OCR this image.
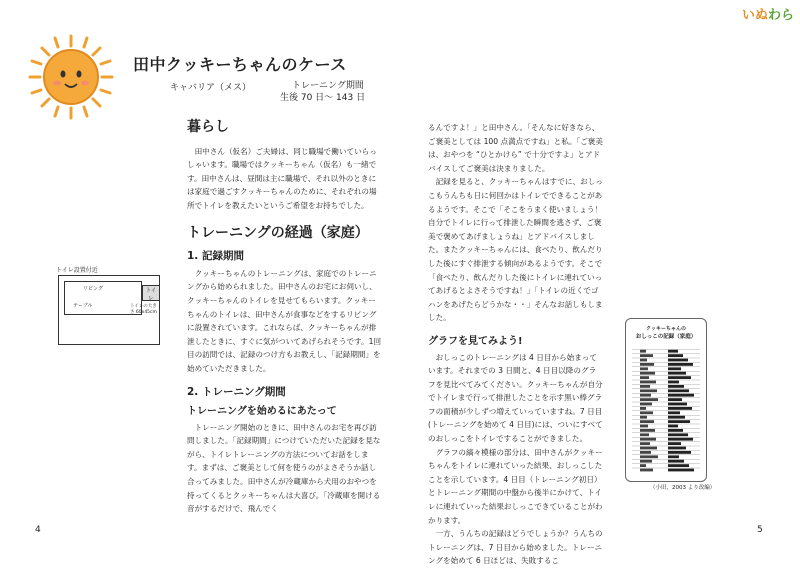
いぬわら
田中クッキーちゃんのケース
キャバリア（メス）	トレーニング期間
生後 70 日～ 143 日
トイレ設置付近
リビング
テーブル
トイレ
トイレの大きさ 60x45cm
暮らし

田中さん（仮名）ご夫婦は、同じ職場で働いていらっしゃいます。職場ではクッキーちゃん（仮名）も一緒です。田中さんは、昼間は主に職場で、それ以外のときには家庭で過ごすクッキーちゃんのために、それぞれの場所でトイレを教えたいというご希望をお持ちでした。

トレーニングの経過（家庭）
1. 記録期間

クッキーちゃんのトレーニングは、家庭でのトレーニングから始められました。田中さんのお宅にお伺いし、クッキーちゃんのトイレを見せてもらいます。クッキーちゃんのトイレは、田中さんが食事などをするリビングに設置されています。これならば、クッキーちゃんが排泄したときに、すぐに気がついてあげられそうです。1回目の訪問では、記録のつけ方もお教えし、「記録期間」を始めていただきました。

2. トレーニング期間
トレーニングを始めるにあたって

トレーニング開始のときに、田中さんのお宅を再び訪問しました。「記録期間」につけていただいた記録を見ながら、トイレトレーニングの方法についてお話をします。まずは、ご褒美として何を使うのがよさそうか話し合ってみました。田中さんが冷蔵庫から犬用のおやつを持ってくるとクッキーちゃんは大喜び。「冷蔵庫を開ける音がするだけで、飛んでく

るんですよ！」と田中さん。「そんなに好きなら、ご褒美としては 100 点満点ですね」と私。「ご褒美は、おやつを “ひとかけら” で十分ですよ」とアドバイスしてご褒美は決まりました。

記録を見ると、クッキーちゃんはすでに、おしっこもうんちも日に何回かはトイレでできることがあるようです。そこで「そこをうまく使いましょう！自分でトイレに行って排泄した瞬間を逃さず、ご褒美で褒めてあげましょうね」とアドバイスしました。またクッキーちゃんには、食べたり、飲んだりした後にすぐ排泄する傾向があるようです。そこで「食べたり、飲んだりした後にトイレに連れていってあげるとよさそうですね！」「トイレの近くでゴハンをあげたらどうかな・・」そんなお話しもしました。

グラフを見てみよう!

おしっこのトレーニングは 4 日目から始まっています。それまでの 3 日間と、4 日目以降のグラフを見比べてみてください。クッキーちゃんが自分でトイレまで行って排泄したことを示す黒い棒グラフの面積が少しずつ増えていっていますね。7 日目(トレーニングを始めて 4 日目)には、ついにすべてのおしっこをトイレですることができました。

グラフの縞々模様の部分は、田中さんがクッキーちゃんをトイレに連れていった結果、おしっこしたことを示しています。4 日目（トレーニング初日）とトレーニング期間の中盤から後半にかけて、トイレに連れていった結果おしっこできていることがわかります。

一方、うんちの記録はどうでしょうか？うんちのトレーニングは、7 日目から始めました。トレーニングを始めて 6 日ほどは、失敗するこ

クッキーちゃんの
おしっこの記録（家庭）
（小田，2003 より改編）
4	5
